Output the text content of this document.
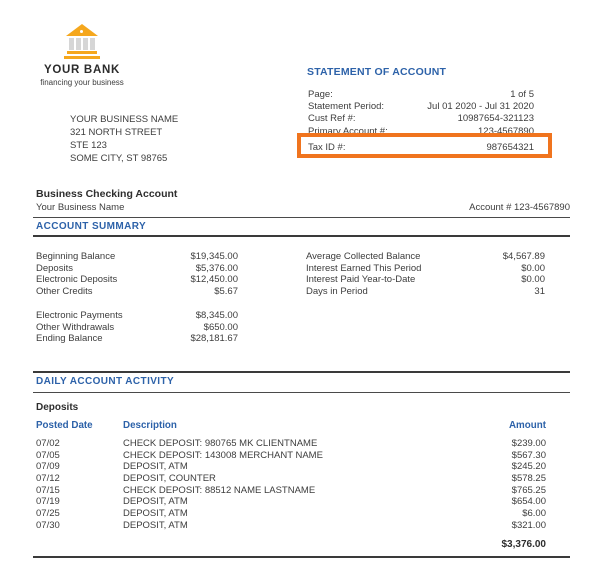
YOUR BANK
financing your business
STATEMENT OF ACCOUNT
Page:	1 of 5
Statement Period:	Jul 01 2020 - Jul 31 2020
Cust Ref #:	10987654-321123
Primary Account #:	123-4567890
Tax ID #:	987654321
YOUR BUSINESS NAME
321 NORTH STREET
STE 123
SOME CITY, ST 98765
Business Checking Account
Your Business Name	Account # 123-4567890
ACCOUNT SUMMARY
Beginning Balance	$19,345.00
Deposits	$5,376.00
Electronic Deposits	$12,450.00
Other Credits	$5.67
Electronic Payments	$8,345.00
Other Withdrawals	$650.00
Ending Balance	$28,181.67
Average Collected Balance	$4,567.89
Interest Earned This Period	$0.00
Interest Paid Year-to-Date	$0.00
Days in Period	31
DAILY ACCOUNT ACTIVITY
Deposits
Posted Date	Description	Amount
07/02	CHECK DEPOSIT: 980765 MK CLIENTNAME	$239.00
07/05	CHECK DEPOSIT: 143008 MERCHANT NAME	$567.30
07/09	DEPOSIT, ATM	$245.20
07/12	DEPOSIT, COUNTER	$578.25
07/15	CHECK DEPOSIT: 88512 NAME LASTNAME	$765.25
07/19	DEPOSIT, ATM	$654.00
07/25	DEPOSIT, ATM	$6.00
07/30	DEPOSIT, ATM	$321.00
$3,376.00
